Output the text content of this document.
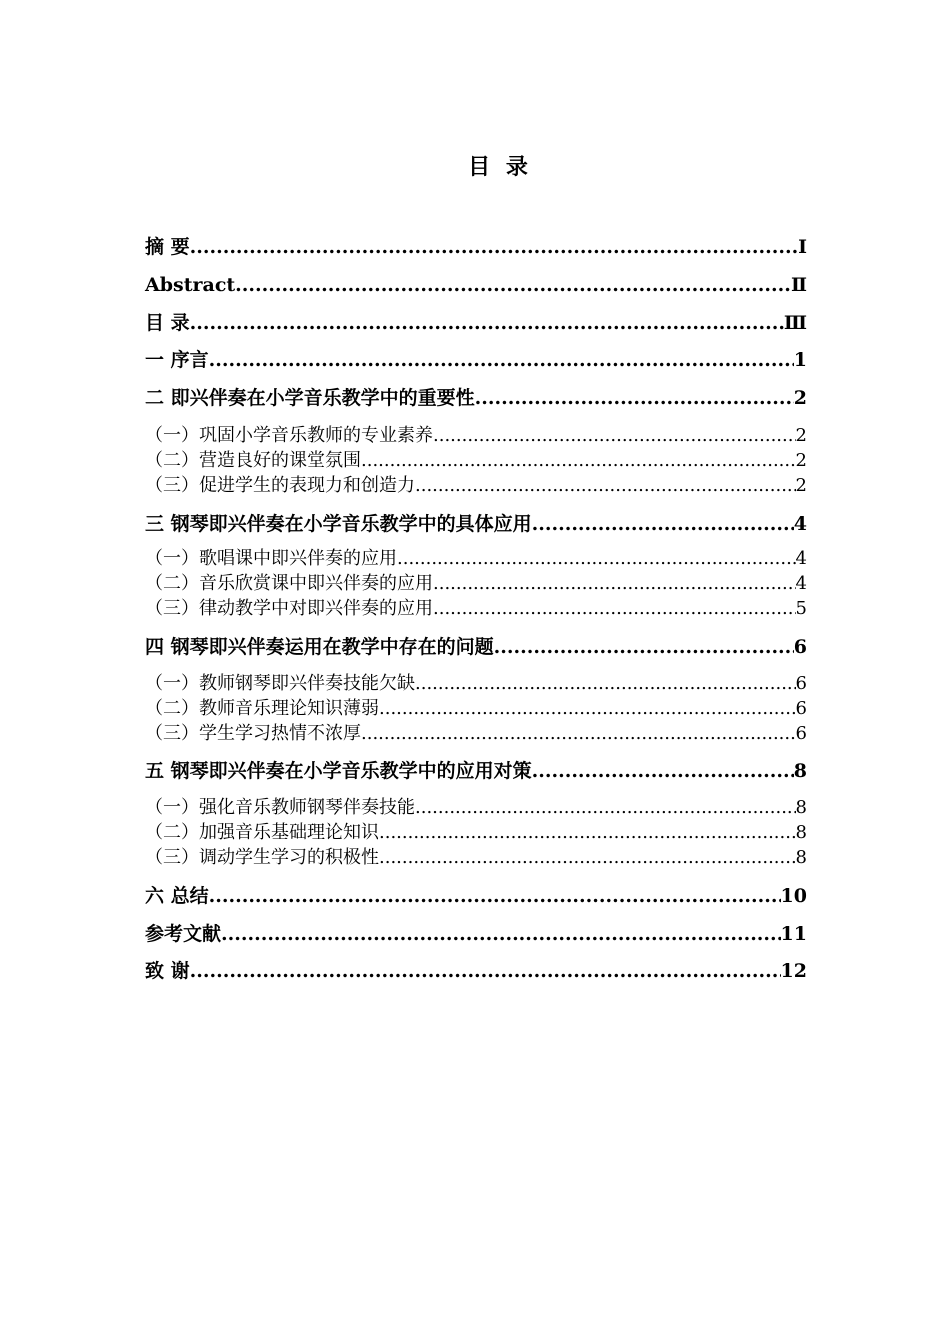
目 录
摘 要 .....	Ⅰ
Abstract .....	Ⅱ
目 录 .....	Ⅲ
一 序言 .....	1
二 即兴伴奏在小学音乐教学中的重要性 .....	2
（一）巩固小学音乐教师的专业素养 .....	2
（二）营造良好的课堂氛围 .....	2
（三）促进学生的表现力和创造力 .....	2
三 钢琴即兴伴奏在小学音乐教学中的具体应用 .....	4
（一）歌唱课中即兴伴奏的应用 .....	4
（二）音乐欣赏课中即兴伴奏的应用 .....	4
（三）律动教学中对即兴伴奏的应用 .....	5
四 钢琴即兴伴奏运用在教学中存在的问题 .....	6
（一）教师钢琴即兴伴奏技能欠缺 .....	6
（二）教师音乐理论知识薄弱 .....	6
（三）学生学习热情不浓厚 .....	6
五 钢琴即兴伴奏在小学音乐教学中的应用对策 .....	8
（一）强化音乐教师钢琴伴奏技能 .....	8
（二）加强音乐基础理论知识 .....	8
（三）调动学生学习的积极性 .....	8
六 总结 .....	10
参考文献 .....	11
致 谢 .....	12
